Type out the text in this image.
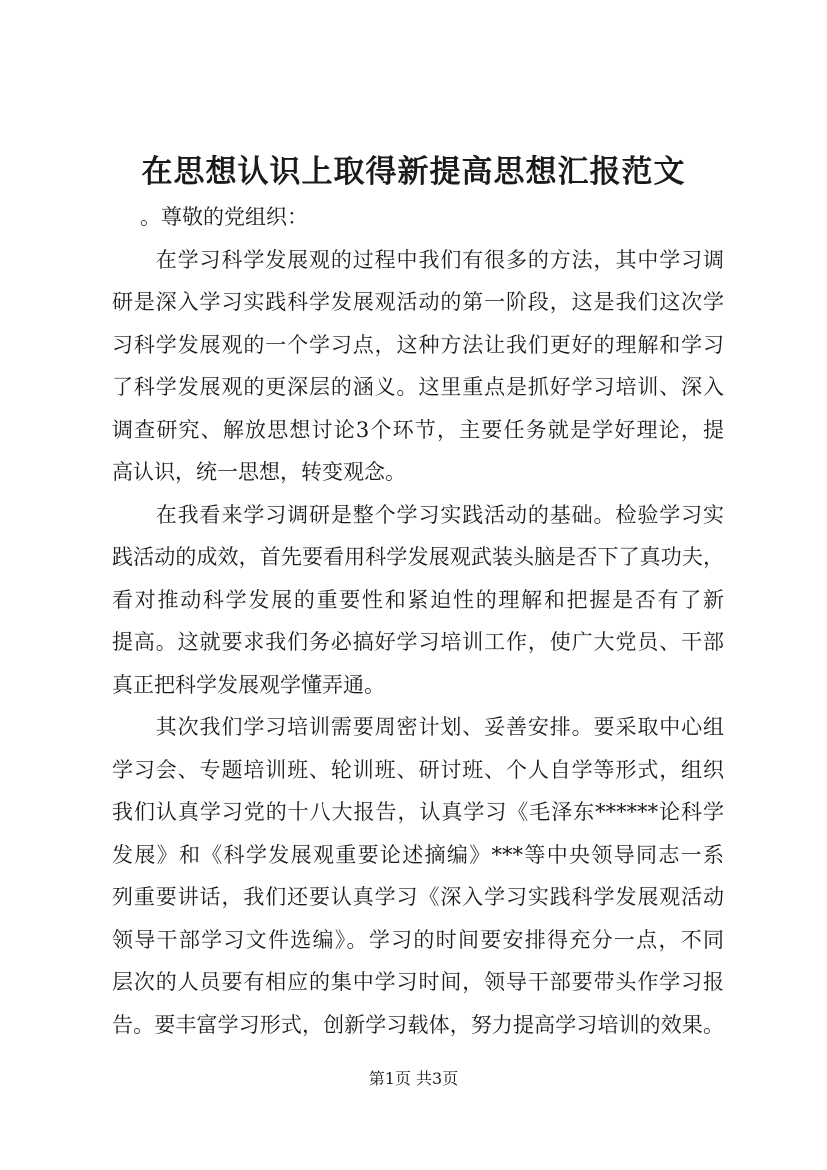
在思想认识上取得新提高思想汇报范文
。尊敬的党组织：
　　在学习科学发展观的过程中我们有很多的方法，其中学习调
研是深入学习实践科学发展观活动的第一阶段，这是我们这次学
习科学发展观的一个学习点，这种方法让我们更好的理解和学习
了科学发展观的更深层的涵义。这里重点是抓好学习培训、深入
调查研究、解放思想讨论3个环节，主要任务就是学好理论，提
高认识，统一思想，转变观念。
　　在我看来学习调研是整个学习实践活动的基础。检验学习实
践活动的成效，首先要看用科学发展观武装头脑是否下了真功夫，
看对推动科学发展的重要性和紧迫性的理解和把握是否有了新
提高。这就要求我们务必搞好学习培训工作，使广大党员、干部
真正把科学发展观学懂弄通。
　　其次我们学习培训需要周密计划、妥善安排。要采取中心组
学习会、专题培训班、轮训班、研讨班、个人自学等形式，组织
我们认真学习党的十八大报告，认真学习《毛泽东******论科学
发展》和《科学发展观重要论述摘编》***等中央领导同志一系
列重要讲话，我们还要认真学习《深入学习实践科学发展观活动
领导干部学习文件选编》。学习的时间要安排得充分一点，不同
层次的人员要有相应的集中学习时间，领导干部要带头作学习报
告。要丰富学习形式，创新学习载体，努力提高学习培训的效果。
第1页 共3页
